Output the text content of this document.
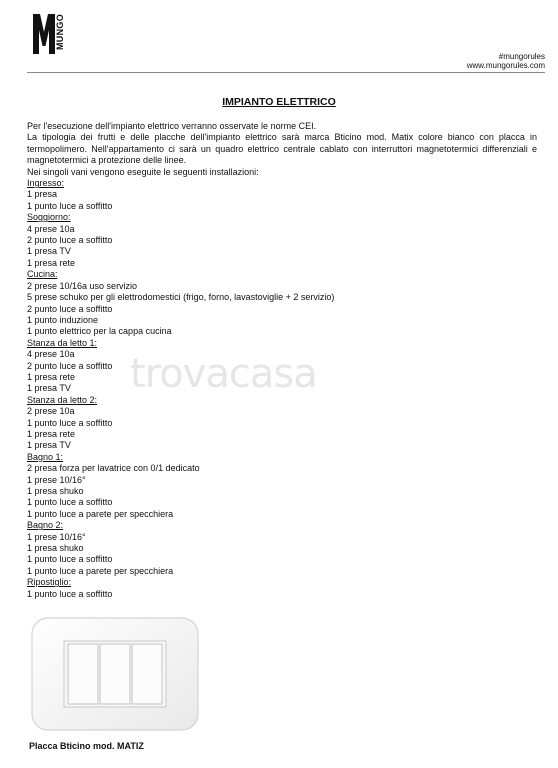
MUNGO
#mungorules
www.mungorules.com
IMPIANTO ELETTRICO

Per l'esecuzione dell'impianto elettrico verranno osservate le norme CEI.

La tipologia dei frutti e delle placche dell'impianto elettrico sarà marca Bticino mod. Matix colore bianco con placca in termopolimero. Nell'appartamento ci sarà un quadro elettrico centrale cablato con interruttori magnetotermici differenziali e magnetotermici a protezione delle linee.

Nei singoli vani vengono eseguite le seguenti installazioni:

Ingresso:

1 presa
1 punto luce a soffitto

Soggiorno:

4 prese 10a
2 punto luce a soffitto
1 presa TV
1 presa rete

Cucina:

2 prese 10/16a uso servizio
5 prese schuko per gli elettrodomestici (frigo, forno, lavastoviglie + 2 servizio)
2 punto luce a soffitto
1 punto induzione
1 punto elettrico per la cappa cucina

Stanza da letto 1:

4 prese 10a
2 punto luce a soffitto
1 presa rete
1 presa TV

Stanza da letto 2:

2 prese 10a
1 punto luce a soffitto
1 presa rete
1 presa TV

Bagno 1:

2 presa forza per lavatrice con 0/1 dedicato
1 prese 10/16°
1 presa shuko
1 punto luce a soffitto
1 punto luce a parete per specchiera

Bagno 2:

1 prese 10/16°
1 presa shuko
1 punto luce a soffitto
1 punto luce a parete per specchiera

Ripostiglio:

1 punto luce a soffitto
trovacasa
Placca Bticino mod. MATIZ
